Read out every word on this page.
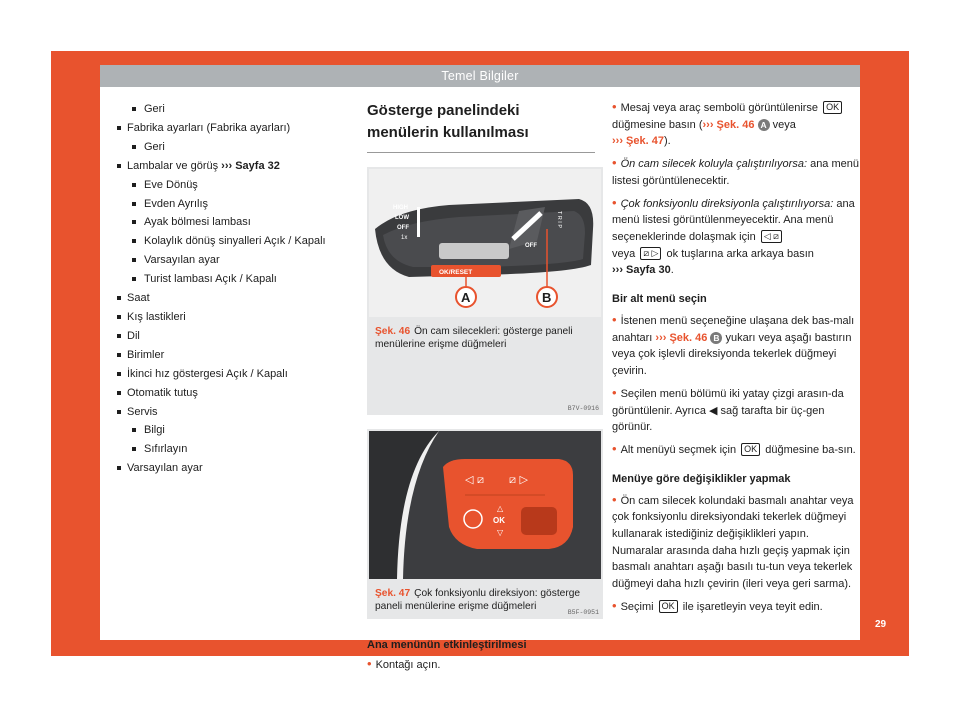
Temel Bilgiler
Geri
Fabrika ayarları (Fabrika ayarları)
Geri
Lambalar ve görüş ››› Sayfa 32
Eve Dönüş
Evden Ayrılış
Ayak bölmesi lambası
Kolaylık dönüş sinyalleri Açık / Kapalı
Varsayılan ayar
Turist lambası Açık / Kapalı
Saat
Kış lastikleri
Dil
Birimler
İkinci hız göstergesi Açık / Kapalı
Otomatik tutuş
Servis
Bilgi
Sıfırlayın
Varsayılan ayar
Gösterge panelindeki menülerin kullanılması
HIGH
LOW
OFF
1x
OFF
T R I P
OK/RESET
A	B
B7V-0916
Şek. 46 Ön cam silecekleri: gösterge paneli menülerine erişme düğmeleri
◁ ⧄ ⧄ ▷
△
OK
▽
B5F-0951
Şek. 47 Çok fonksiyonlu direksiyon: gösterge paneli menülerine erişme düğmeleri
Ana menünün etkinleştirilmesi

• Kontağı açın.

• Mesaj veya araç sembolü görüntülenirse OK düğmesine basın (››› Şek. 46 A veya
››› Şek. 47).

• Ön cam silecek koluyla çalıştırılıyorsa: ana menü listesi görüntülenecektir.

• Çok fonksiyonlu direksiyonla çalıştırılıyorsa: ana menü listesi görüntülenmeyecektir. Ana menü seçeneklerinde dolaşmak için ◁ ⧄
veya ⧄ ▷ ok tuşlarına arka arkaya basın
››› Sayfa 30.

Bir alt menü seçin

• İstenen menü seçeneğine ulaşana dek bas-malı anahtarı ››› Şek. 46 B yukarı veya aşağı bastırın veya çok işlevli direksiyonda tekerlek düğmeyi çevirin.

• Seçilen menü bölümü iki yatay çizgi arasın-da görüntülenir. Ayrıca ◀ sağ tarafta bir üç-gen görünür.

• Alt menüyü seçmek için OK düğmesine ba-sın.

Menüye göre değişiklikler yapmak

• Ön cam silecek kolundaki basmalı anahtar veya çok fonksiyonlu direksiyondaki tekerlek düğmeyi kullanarak istediğiniz değişiklikleri yapın. Numaralar arasında daha hızlı geçiş yapmak için basmalı anahtarı aşağı basılı tu-tun veya tekerlek düğmeyi daha hızlı çevirin (ileri veya geri sarma).

• Seçimi OK ile işaretleyin veya teyit edin.

29
